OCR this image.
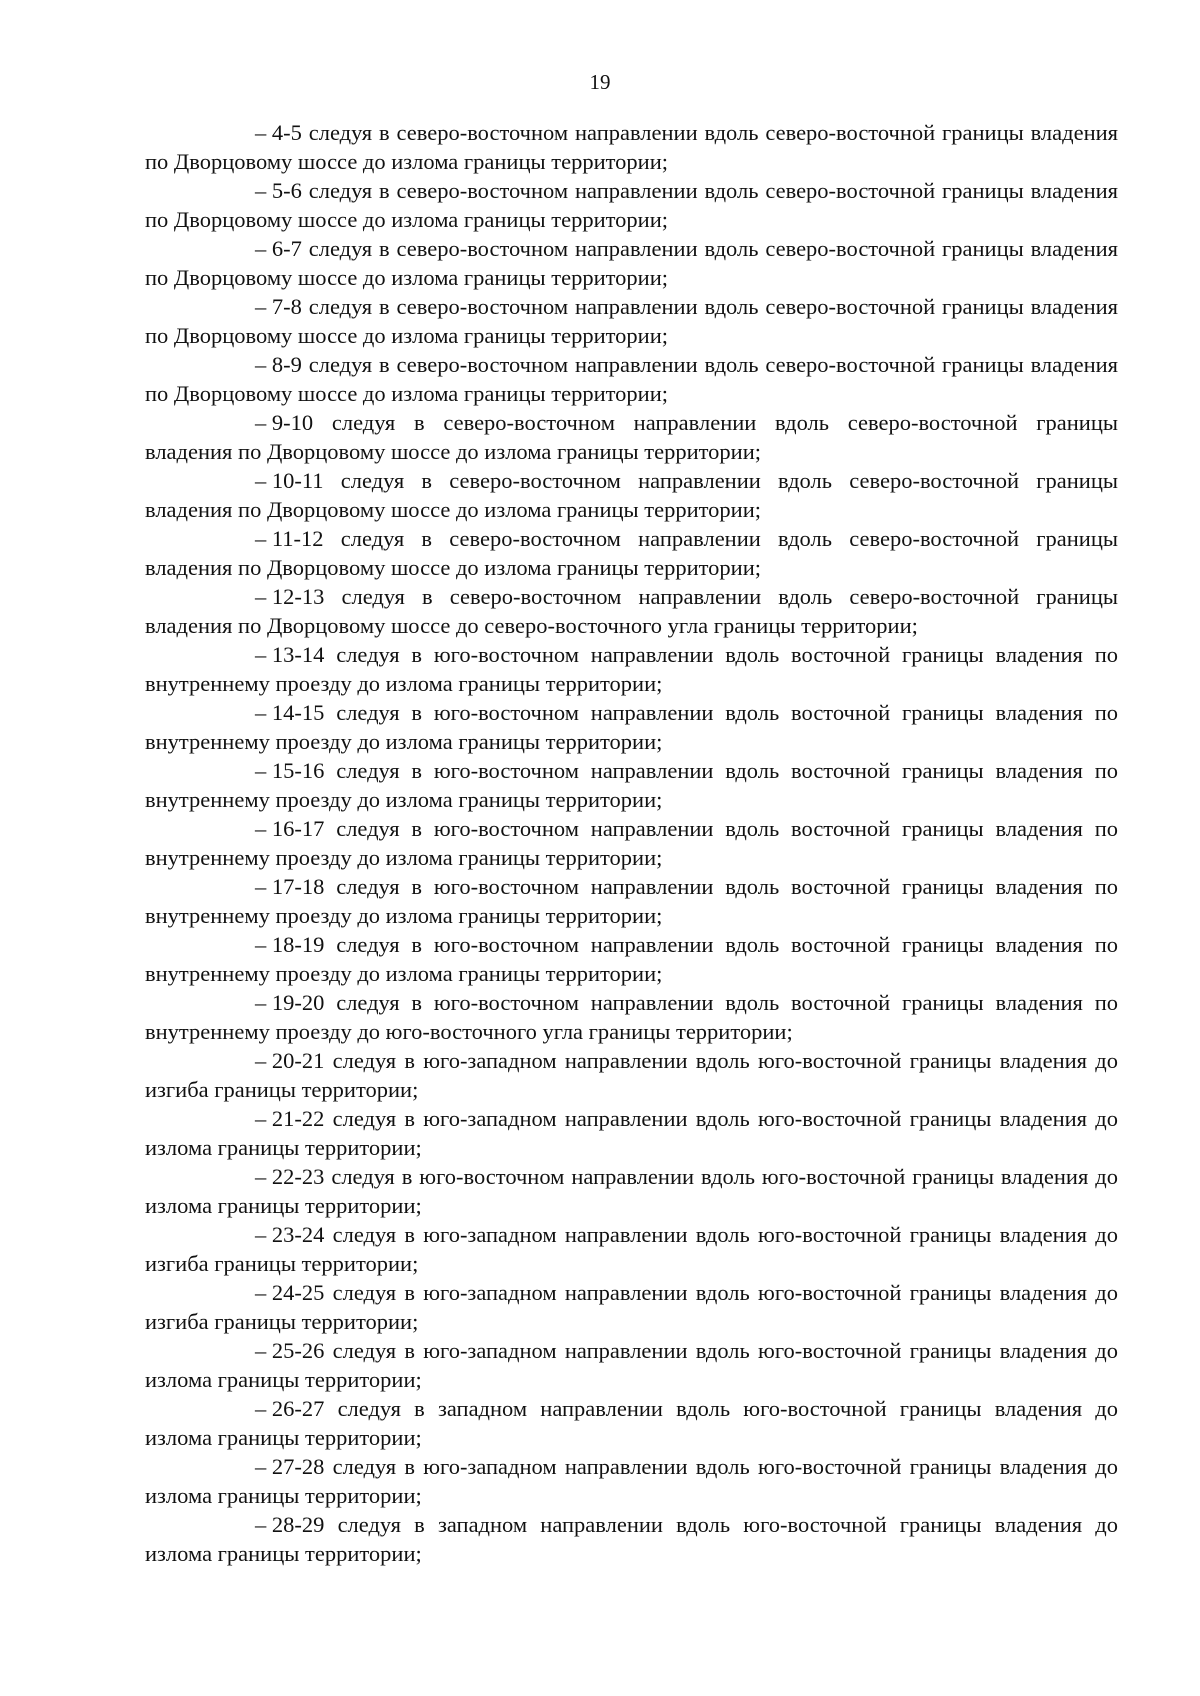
19

– 4-5 следуя в северо-восточном направлении вдоль северо-восточной границы владения по Дворцовому шоссе до излома границы территории;

– 5-6 следуя в северо-восточном направлении вдоль северо-восточной границы владения по Дворцовому шоссе до излома границы территории;

– 6-7 следуя в северо-восточном направлении вдоль северо-восточной границы владения по Дворцовому шоссе до излома границы территории;

– 7-8 следуя в северо-восточном направлении вдоль северо-восточной границы владения по Дворцовому шоссе до излома границы территории;

– 8-9 следуя в северо-восточном направлении вдоль северо-восточной границы владения по Дворцовому шоссе до излома границы территории;

– 9-10 следуя в северо-восточном направлении вдоль северо-восточной границы владения по Дворцовому шоссе до излома границы территории;

– 10-11 следуя в северо-восточном направлении вдоль северо-восточной границы владения по Дворцовому шоссе до излома границы территории;

– 11-12 следуя в северо-восточном направлении вдоль северо-восточной границы владения по Дворцовому шоссе до излома границы территории;

– 12-13 следуя в северо-восточном направлении вдоль северо-восточной границы владения по Дворцовому шоссе до северо-восточного угла границы территории;

– 13-14 следуя в юго-восточном направлении вдоль восточной границы владения по внутреннему проезду до излома границы территории;

– 14-15 следуя в юго-восточном направлении вдоль восточной границы владения по внутреннему проезду до излома границы территории;

– 15-16 следуя в юго-восточном направлении вдоль восточной границы владения по внутреннему проезду до излома границы территории;

– 16-17 следуя в юго-восточном направлении вдоль восточной границы владения по внутреннему проезду до излома границы территории;

– 17-18 следуя в юго-восточном направлении вдоль восточной границы владения по внутреннему проезду до излома границы территории;

– 18-19 следуя в юго-восточном направлении вдоль восточной границы владения по внутреннему проезду до излома границы территории;

– 19-20 следуя в юго-восточном направлении вдоль восточной границы владения по внутреннему проезду до юго-восточного угла границы территории;

– 20-21 следуя в юго-западном направлении вдоль юго-восточной границы владения до изгиба границы территории;

– 21-22 следуя в юго-западном направлении вдоль юго-восточной границы владения до излома границы территории;

– 22-23 следуя в юго-восточном направлении вдоль юго-восточной границы владения до излома границы территории;

– 23-24 следуя в юго-западном направлении вдоль юго-восточной границы владения до изгиба границы территории;

– 24-25 следуя в юго-западном направлении вдоль юго-восточной границы владения до изгиба границы территории;

– 25-26 следуя в юго-западном направлении вдоль юго-восточной границы владения до излома границы территории;

– 26-27 следуя в западном направлении вдоль юго-восточной границы владения до излома границы территории;

– 27-28 следуя в юго-западном направлении вдоль юго-восточной границы владения до излома границы территории;

– 28-29 следуя в западном направлении вдоль юго-восточной границы владения до излома границы территории;
